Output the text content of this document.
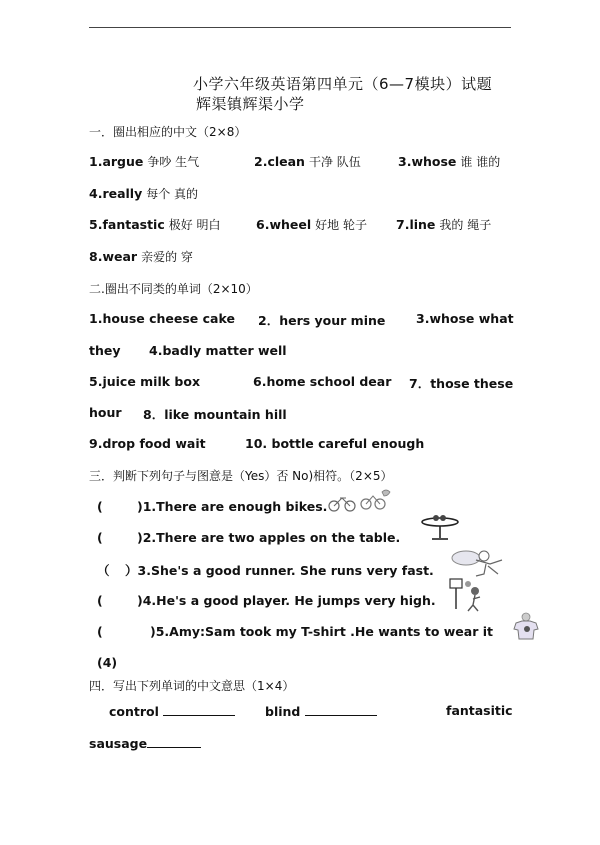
小学六年级英语第四单元（6—7模块）试题
辉渠镇辉渠小学
一．圈出相应的中文（2×8）
1.argue 争吵 生气	2.clean 干净 队伍	3.whose 谁 谁的
4.really 每个 真的
5.fantastic 极好 明白	6.wheel 好地 轮子 7.line 我的 绳子
8.wear 亲爱的 穿
二.圈出不同类的单词（2×10）
1.house cheese cake 2．hers your mine 3.whose what
they 4.badly matter well
5.juice milk box	6.home school dear 7．those these
hour 8．like mountain hill
9.drop food wait	10. bottle careful enough
三．判断下列句子与图意是（Yes）否 No)相符。（2×5）
(	)1.There are enough bikes.
(	)2.There are two apples on the table.
（ ）3.She's a good runner. She runs very fast.
(	)4.He's a good player. He jumps very high.
(	)5.Amy:Sam took my T-shirt .He wants to wear it
(4)
四．写出下列单词的中文意思（1×4）
control	blind	fantasitic
sausage
